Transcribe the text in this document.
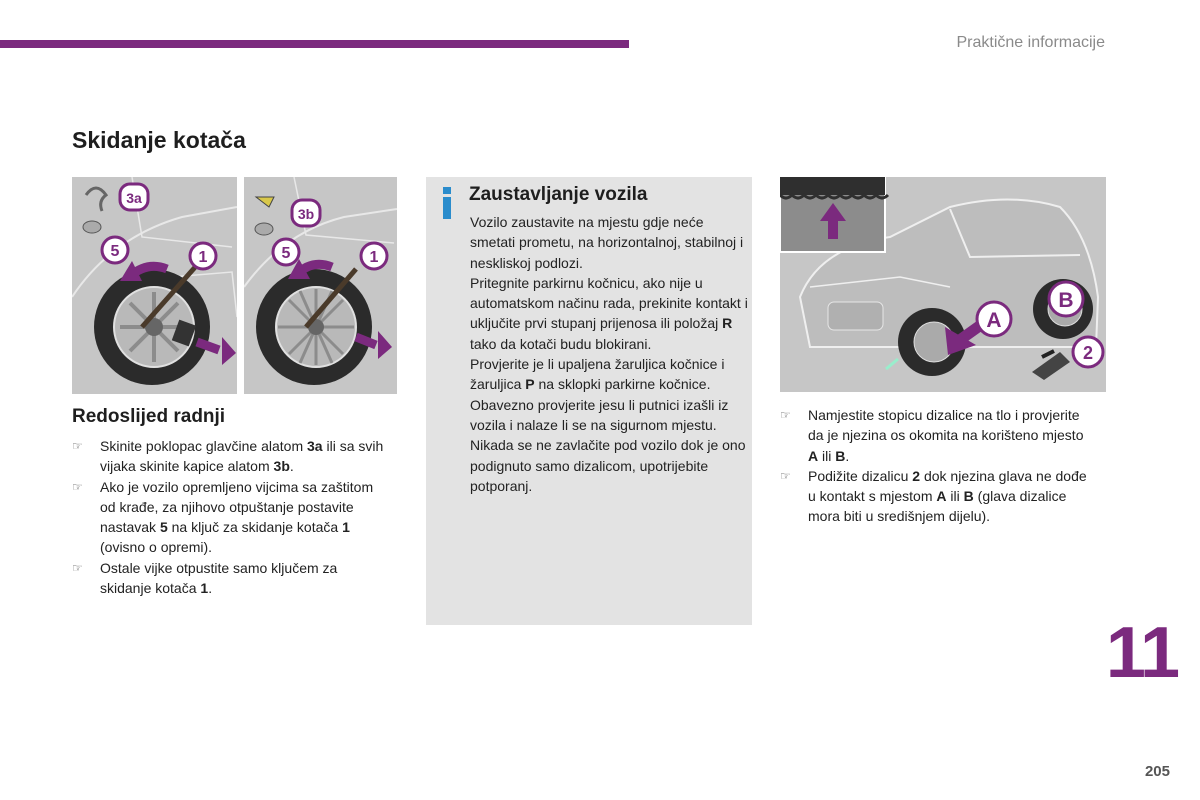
Praktične informacije
Skidanje kotača
3a
5	1
3b
5	1
Redoslijed radnji
☞ Skinite poklopac glavčine alatom 3a ili sa svih vijaka skinite kapice alatom 3b.
☞ Ako je vozilo opremljeno vijcima sa zaštitom od krađe, za njihovo otpuštanje postavite nastavak 5 na ključ za skidanje kotača 1 (ovisno o opremi).
☞ Ostale vijke otpustite samo ključem za skidanje kotača 1.
Zaustavljanje vozila

Vozilo zaustavite na mjestu gdje neće smetati prometu, na horizontalnoj, stabilnoj i neskliskoj podlozi.

Pritegnite parkirnu kočnicu, ako nije u automatskom načinu rada, prekinite kontakt i uključite prvi stupanj prijenosa ili položaj R tako da kotači budu blokirani.

Provjerite je li upaljena žaruljica kočnice i žaruljica P na sklopki parkirne kočnice.

Obavezno provjerite jesu li putnici izašli iz vozila i nalaze li se na sigurnom mjestu.

Nikada se ne zavlačite pod vozilo dok je ono podignuto samo dizalicom, upotrijebite potporanj.

A
B
2
☞ Namjestite stopicu dizalice na tlo i provjerite da je njezina os okomita na korišteno mjesto A ili B.
☞ Podižite dizalicu 2 dok njezina glava ne dođe u kontakt s mjestom A ili B (glava dizalice mora biti u središnjem dijelu).
11
205
